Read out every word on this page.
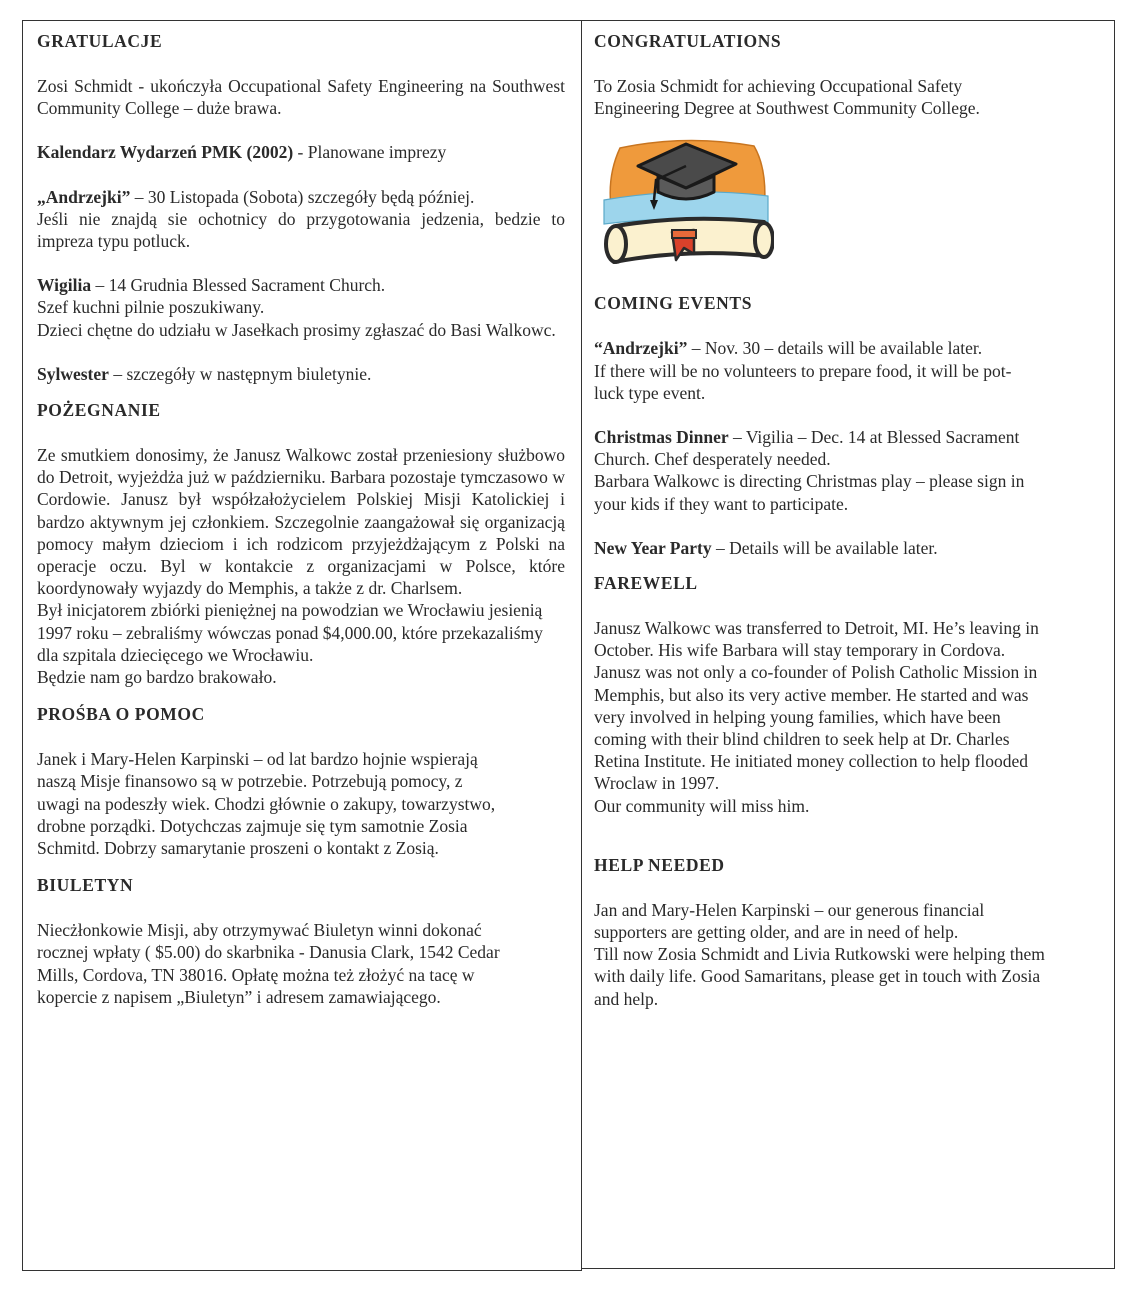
GRATULACJE

Zosi Schmidt - ukończyła Occupational Safety Engineering na Southwest Community College – duże brawa.

Kalendarz Wydarzeń PMK (2002) - Planowane imprezy

„Andrzejki” – 30 Listopada (Sobota) szczegóły będą później.

Jeśli nie znajdą sie ochotnicy do przygotowania jedzenia, bedzie to impreza typu potluck.

Wigilia – 14 Grudnia Blessed Sacrament Church.

Szef kuchni pilnie poszukiwany.

Dzieci chętne do udziału w Jasełkach prosimy zgłaszać do Basi Walkowc.

Sylwester – szczegóły w następnym biuletynie.

POŻEGNANIE

Ze smutkiem donosimy, że Janusz Walkowc został przeniesiony służbowo do Detroit, wyjeżdża już w październiku. Barbara pozostaje tymczasowo w Cordowie. Janusz był współzałożycielem Polskiej Misji Katolickiej i bardzo aktywnym jej członkiem. Szczegolnie zaangażował się organizacją pomocy małym dzieciom i ich rodzicom przyjeżdżającym z Polski na operacje oczu. Byl w kontakcie z organizacjami w Polsce, które koordynowały wyjazdy do Memphis, a także z dr. Charlsem.

Był inicjatorem zbiórki pieniężnej na powodzian we Wrocławiu jesienią 1997 roku – zebraliśmy wówczas ponad $4,000.00, które przekazaliśmy dla szpitala dziecięcego we Wrocławiu.

Będzie nam go bardzo brakowało.

PROŚBA O POMOC

Janek i Mary-Helen Karpinski – od lat bardzo hojnie wspierają

naszą Misje finansowo są w potrzebie. Potrzebują pomocy, z

uwagi na podeszły wiek. Chodzi głównie o zakupy, towarzystwo,

drobne porządki. Dotychczas zajmuje się tym samotnie Zosia

Schmitd. Dobrzy samarytanie proszeni o kontakt z Zosią.

BIULETYN

Niecżłonkowie Misji, aby otrzymywać Biuletyn winni dokonać

rocznej wpłaty ( $5.00) do skarbnika - Danusia Clark, 1542 Cedar

Mills, Cordova, TN 38016. Opłatę można też złożyć na tacę w

kopercie z napisem „Biuletyn” i adresem zamawiającego.

CONGRATULATIONS

To Zosia Schmidt for achieving Occupational Safety

Engineering Degree at Southwest Community College.

COMING EVENTS

“Andrzejki” – Nov. 30 – details will be available later.

If there will be no volunteers to prepare food, it will be pot-

luck type event.

Christmas Dinner – Vigilia – Dec. 14 at Blessed Sacrament

Church. Chef desperately needed.

Barbara Walkowc is directing Christmas play – please sign in

your kids if they want to participate.

New Year Party – Details will be available later.

FAREWELL

Janusz Walkowc was transferred to Detroit, MI. He’s leaving in

October. His wife Barbara will stay temporary in Cordova.

Janusz was not only a co-founder of Polish Catholic Mission in

Memphis, but also its very active member. He started and was

very involved in helping young families, which have been

coming with their blind children to seek help at Dr. Charles

Retina Institute. He initiated money collection to help flooded

Wroclaw in 1997.

Our community will miss him.

HELP NEEDED

Jan and Mary-Helen Karpinski – our generous financial

supporters are getting older, and are in need of help.

Till now Zosia Schmidt and Livia Rutkowski were helping them

with daily life. Good Samaritans, please get in touch with Zosia

and help.
